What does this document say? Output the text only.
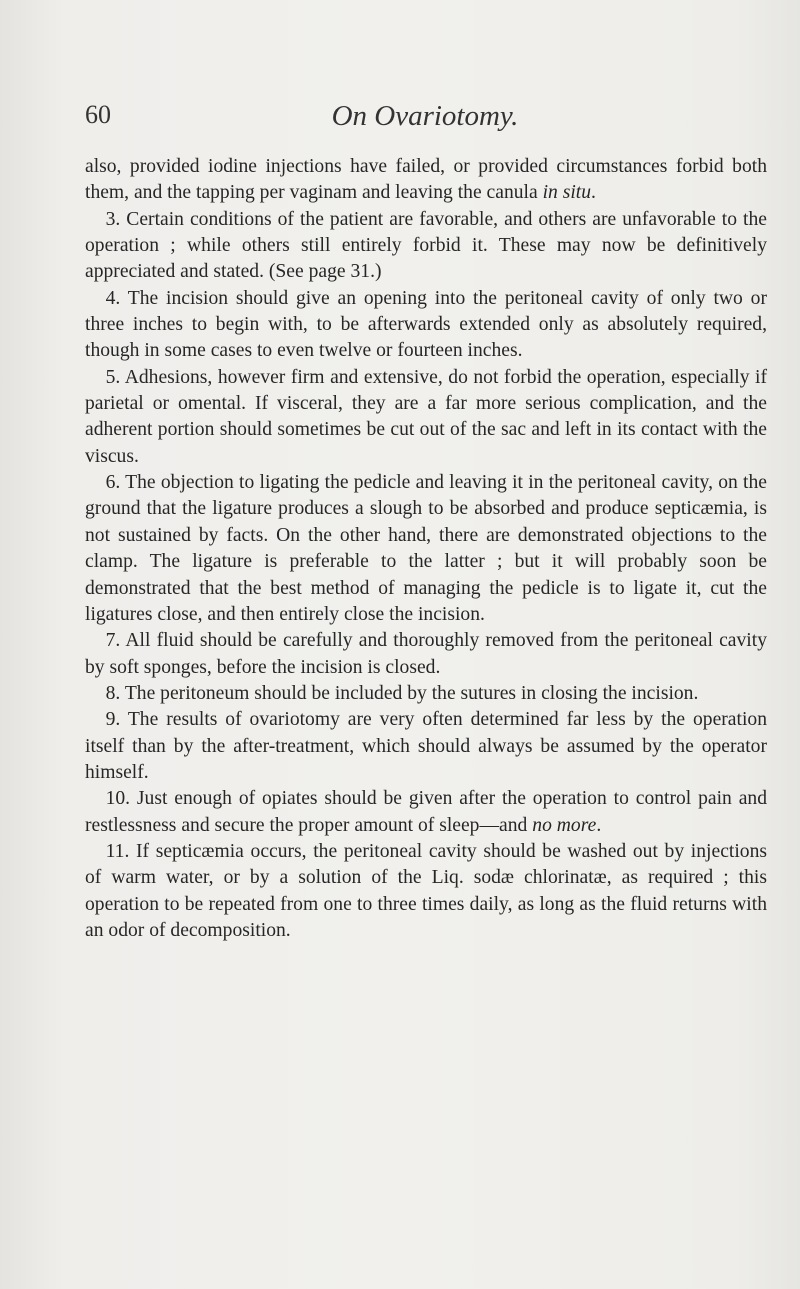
60	On Ovariotomy.

also, provided iodine injections have failed, or provided circumstances forbid both them, and the tapping per vaginam and leaving the canula in situ.

3. Certain conditions of the patient are favorable, and others are unfavorable to the operation ; while others still entirely forbid it. These may now be definitively appreciated and stated. (See page 31.)

4. The incision should give an opening into the peritoneal cavity of only two or three inches to begin with, to be afterwards extended only as absolutely required, though in some cases to even twelve or fourteen inches.

5. Adhesions, however firm and extensive, do not forbid the operation, especially if parietal or omental. If visceral, they are a far more serious complication, and the adherent portion should sometimes be cut out of the sac and left in its contact with the viscus.

6. The objection to ligating the pedicle and leaving it in the peritoneal cavity, on the ground that the ligature produces a slough to be absorbed and produce septicæmia, is not sustained by facts. On the other hand, there are demonstrated objections to the clamp. The ligature is preferable to the latter ; but it will probably soon be demonstrated that the best method of managing the pedicle is to ligate it, cut the ligatures close, and then entirely close the incision.

7. All fluid should be carefully and thoroughly removed from the peritoneal cavity by soft sponges, before the incision is closed.

8. The peritoneum should be included by the sutures in closing the incision.

9. The results of ovariotomy are very often determined far less by the operation itself than by the after-treatment, which should always be assumed by the operator himself.

10. Just enough of opiates should be given after the operation to control pain and restlessness and secure the proper amount of sleep—and no more.

11. If septicæmia occurs, the peritoneal cavity should be washed out by injections of warm water, or by a solution of the Liq. sodæ chlorinatæ, as required ; this operation to be repeated from one to three times daily, as long as the fluid returns with an odor of decomposition.
